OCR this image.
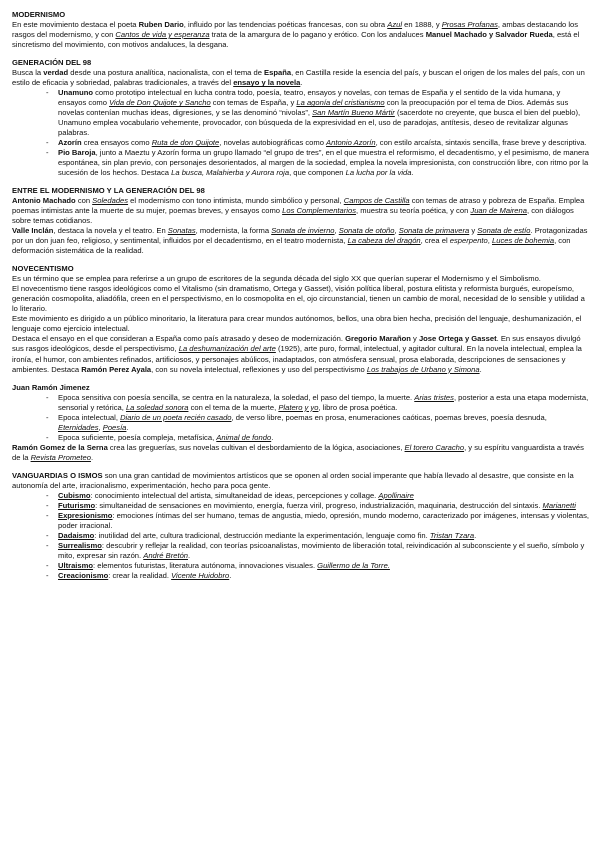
MODERNISMO

En este movimiento destaca el poeta Ruben Dario, influido por las tendencias poéticas francesas, con su obra Azul en 1888, y Prosas Profanas, ambas destacando los rasgos del modernismo, y con Cantos de vida y esperanza trata de la amargura de lo pagano y erótico. Con los andaluces Manuel Machado y Salvador Rueda, está el sincretismo del movimiento, con motivos andaluces, la desgana.

GENERACIÓN DEL 98

Busca la verdad desde una postura analítica, nacionalista, con el tema de España, en Castilla reside la esencia del país, y buscan el origen de los males del país, con un estilo de eficacia y sobriedad, palabras tradicionales, a través del ensayo y la novela.

- Unamuno como prototipo intelectual en lucha contra todo, poesía, teatro, ensayos y novelas, con temas de España y el sentido de la vida humana, y ensayos como Vida de Don Quijote y Sancho con temas de España, y La agonía del cristianismo con la preocupación por el tema de Dios. Además sus novelas contenían muchas ideas, digresiones, y se las denominó “nivolas”, San Martín Bueno Mártir (sacerdote no creyente, que busca el bien del pueblo), Unamuno emplea vocabulario vehemente, provocador, con búsqueda de la expresividad en el, uso de paradojas, antítesis, deseo de revitalizar algunas palabras.
- Azorín crea ensayos como Ruta de don Quijote, novelas autobiográficas como Antonio Azorín, con estilo arcaísta, sintaxis sencilla, frase breve y descriptiva.
- Pio Baroja, junto a Maeztu y Azorín forma un grupo llamado “el grupo de tres”, en el que muestra el reformismo, el decadentismo, y el pesimismo, de manera espontánea, sin plan previo, con personajes desorientados, al margen de la sociedad, emplea la novela impresionista, con construcción libre, con ritmo por la sucesión de los hechos. Destaca La busca, Malahierba y Aurora roja, que componen La lucha por la vida.
ENTRE EL MODERNISMO Y LA GENERACIÓN DEL 98

Antonio Machado con Soledades el modernismo con tono intimista, mundo simbólico y personal, Campos de Castilla con temas de atraso y pobreza de España. Emplea poemas intimistas ante la muerte de su mujer, poemas breves, y ensayos como Los Complementarios, muestra su teoría poética, y con Juan de Mairena, con diálogos sobre temas cotidianos.

Valle Inclán, destaca la novela y el teatro. En Sonatas, modernista, la forma Sonata de invierno, Sonata de otoño, Sonata de primavera y Sonata de estío. Protagonizadas por un don juan feo, religioso, y sentimental, influidos por el decadentismo, en el teatro modernista, La cabeza del dragón, crea el esperpento, Luces de bohemia, con deformación sistemática de la realidad.

NOVECENTISMO

Es un término que se emplea para referirse a un grupo de escritores de la segunda década del siglo XX que querían superar el Modernismo y el Simbolismo.

El novecentismo tiene rasgos ideológicos como el Vitalismo (sin dramatismo, Ortega y Gasset), visión política liberal, postura elitista y reformista burgués, europeísmo, generación cosmopolita, aliadófila, creen en el perspectivismo, en lo cosmopolita en el, ojo circunstancial, tienen un cambio de moral, necesidad de lo sensible y utilidad a lo literario.

Este movimiento es dirigido a un público minoritario, la literatura para crear mundos autónomos, bellos, una obra bien hecha, precisión del lenguaje, deshumanización, el lenguaje como ejercicio intelectual.

Destaca el ensayo en el que consideran a España como país atrasado y deseo de modernización. Gregorio Marañon y Jose Ortega y Gasset. En sus ensayos divulgó sus rasgos ideológicos, desde el perspectivismo, La deshumanización del arte (1925), arte puro, formal, intelectual, y agitador cultural. En la novela intelectual, emplea la ironía, el humor, con ambientes refinados, artificiosos, y personajes abúlicos, inadaptados, con atmósfera sensual, prosa elaborada, descripciones de sensaciones y ambientes. Destaca Ramón Perez Ayala, con su novela intelectual, reflexiones y uso del perspectivismo Los trabajos de Urbano y Simona.

Juan Ramón Jimenez
- Epoca sensitiva con poesía sencilla, se centra en la naturaleza, la soledad, el paso del tiempo, la muerte. Arias tristes, posterior a esta una etapa modernista, sensorial y retórica, La soledad sonora con el tema de la muerte, Platero y yo, libro de prosa poética.
- Epoca intelectual, Diario de un poeta recién casado, de verso libre, poemas en prosa, enumeraciones caóticas, poemas breves, poesía desnuda, Eternidades, Poesía.
- Epoca suficiente, poesía compleja, metafísica, Animal de fondo.

Ramón Gomez de la Serna crea las greguerías, sus novelas cultivan el desbordamiento de la lógica, asociaciones, El torero Caracho, y su espíritu vanguardista a través de la Revista Prometeo.

VANGUARDIAS O ISMOS son una gran cantidad de movimientos artísticos que se oponen al orden social imperante que había llevado al desastre, que consiste en la autonomía del arte, irracionalismo, experimentación, hecho para poca gente.

- Cubismo: conocimiento intelectual del artista, simultaneidad de ideas, percepciones y collage. Apollinaire
- Futurismo: simultaneidad de sensaciones en movimiento, energía, fuerza viril, progreso, industrialización, maquinaria, destrucción del sintaxis. Marianetti
- Expresionismo: emociones íntimas del ser humano, temas de angustia, miedo, opresión, mundo moderno, caracterizado por imágenes, intensas y violentas, poder irracional.
- Dadaismo: inutilidad del arte, cultura tradicional, destrucción mediante la experimentación, lenguaje como fin. Tristan Tzara.
- Surrealismo: descubrir y reflejar la realidad, con teorías psicoanalistas, movimiento de liberación total, reivindicación al subconsciente y el sueño, símbolo y mito, expresar sin razón. André Bretón.
- Ultraismo: elementos futuristas, literatura autónoma, innovaciones visuales. Guillermo de la Torre.
- Creacionismo: crear la realidad. Vicente Huidobro.
